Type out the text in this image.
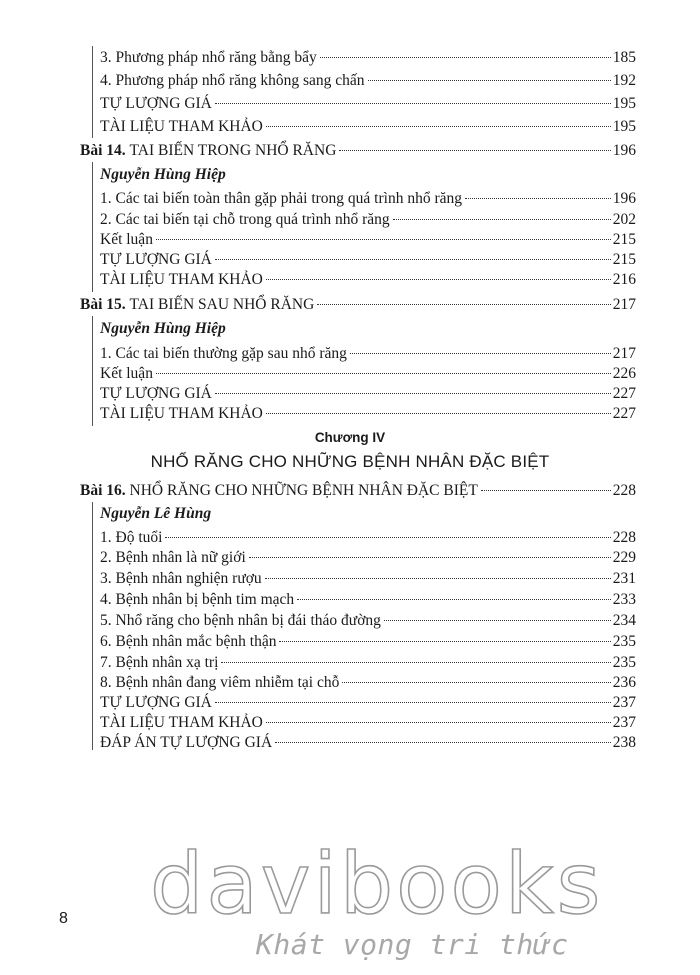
3. Phương pháp nhổ răng bằng bẩy	185
4. Phương pháp nhổ răng không sang chấn	192
TỰ LƯỢNG GIÁ	195
TÀI LIỆU THAM KHẢO	195
Bài 14. TAI BIẾN TRONG NHỔ RĂNG	196
Nguyễn Hùng Hiệp
1. Các tai biến toàn thân gặp phải trong quá trình nhổ răng	196
2. Các tai biến tại chỗ trong quá trình nhổ răng	202
Kết luận	215
TỰ LƯỢNG GIÁ	215
TÀI LIỆU THAM KHẢO	216
Bài 15. TAI BIẾN SAU NHỔ RĂNG	217
Nguyễn Hùng Hiệp
1. Các tai biến thường gặp sau nhổ răng	217
Kết luận	226
TỰ LƯỢNG GIÁ	227
TÀI LIỆU THAM KHẢO	227
Chương IV
NHỔ RĂNG CHO NHỮNG BỆNH NHÂN ĐẶC BIỆT
Bài 16. NHỔ RĂNG CHO NHỮNG BỆNH NHÂN ĐẶC BIỆT	228
Nguyễn Lê Hùng
1. Độ tuổi	228
2. Bệnh nhân là nữ giới	229
3. Bệnh nhân nghiện rượu	231
4. Bệnh nhân bị bệnh tim mạch	233
5. Nhổ răng cho bệnh nhân bị đái tháo đường	234
6. Bệnh nhân mắc bệnh thận	235
7. Bệnh nhân xạ trị	235
8. Bệnh nhân đang viêm nhiễm tại chỗ	236
TỰ LƯỢNG GIÁ	237
TÀI LIỆU THAM KHẢO	237
ĐÁP ÁN TỰ LƯỢNG GIÁ	238
8 davibooks
Khát vọng tri thức
